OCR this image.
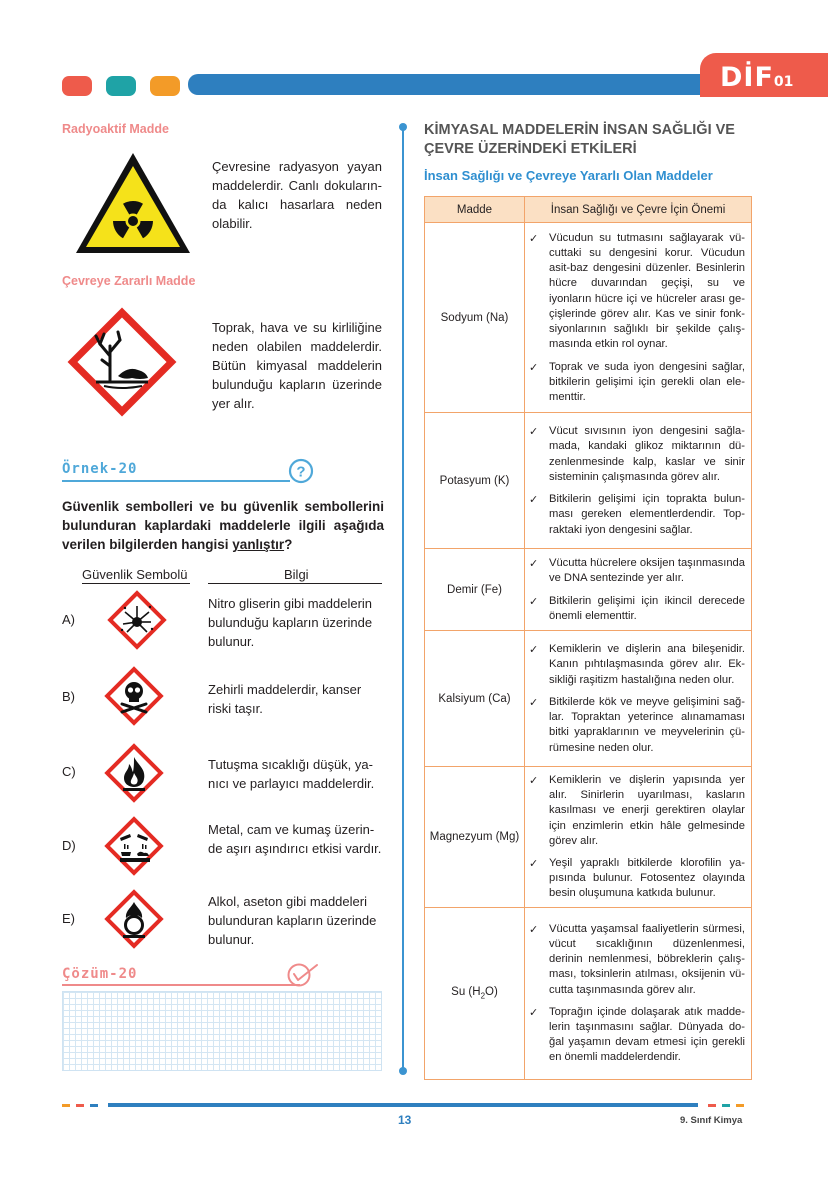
DİF01
Radyoaktif Madde
Çevresine radyasyon yayan maddelerdir. Canlı dokularında kalıcı hasarlara neden olabilir.
Çevreye Zararlı Madde
Toprak, hava ve su kirliliğine neden olabilen maddelerdir. Bütün kimyasal maddelerin bulunduğu kapların üzerinde yer alır.
Örnek-20	?
Güvenlik sembolleri ve bu güvenlik sembollerini bulunduran kaplardaki maddelerle ilgili aşağıda verilen bilgilerden hangisi yanlıştır?
Güvenlik Sembolü	Bilgi
A)
Nitro gliserin gibi maddelerin bulunduğu kapların üzerinde bulunur.
B)	Zehirli maddelerdir, kanser riski taşır.
C)	Tutuşma sıcaklığı düşük, yanıcı ve parlayıcı maddelerdir.
D)
Metal, cam ve kumaş üzerinde aşırı aşındırıcı etkisi vardır.
E)
Alkol, aseton gibi maddeleri bulunduran kapların üzerinde bulunur.
Çözüm-20
KİMYASAL MADDELERİN İNSAN SAĞLIĞI VE ÇEVRE ÜZERİNDEKİ ETKİLERİ
İnsan Sağlığı ve Çevreye Yararlı Olan Maddeler
Madde	İnsan Sağlığı ve Çevre İçin Önemi
Sodyum (Na)	✓ Vücudun su tutmasını sağlayarak vücuttaki su dengesini korur. Vücudun asit-baz dengesini düzenler. Besinlerin hücre duvarından geçişi, su ve iyonların hücre içi ve hücreler arası geçişlerinde görev alır. Kas ve sinir fonksiyonlarının sağlıklı bir şekilde çalışmasında etkin rol oynar.
✓ Toprak ve suda iyon dengesini sağlar, bitkilerin gelişimi için gerekli olan elementtir.

Potasyum (K)	✓ Vücut sıvısının iyon dengesini sağlamada, kandaki glikoz miktarının düzenlenmesinde kalp, kaslar ve sinir sisteminin çalışmasında görev alır.
✓ Bitkilerin gelişimi için toprakta bulunması gereken elementlerdendir. Topraktaki iyon dengesini sağlar.

Demir (Fe)	✓ Vücutta hücrelere oksijen taşınmasında ve DNA sentezinde yer alır.
✓ Bitkilerin gelişimi için ikincil derecede önemli elementtir.

Kalsiyum (Ca)	✓ Kemiklerin ve dişlerin ana bileşenidir. Kanın pıhtılaşmasında görev alır. Eksikliği raşitizm hastalığına neden olur.
✓ Bitkilerde kök ve meyve gelişimini sağlar. Topraktan yeterince alınamaması bitki yapraklarının ve meyvelerinin çürümesine neden olur.

Magnezyum (Mg)	✓ Kemiklerin ve dişlerin yapısında yer alır. Sinirlerin uyarılması, kasların kasılması ve enerji gerektiren olaylar için enzimlerin etkin hâle gelmesinde görev alır.
✓ Yeşil yapraklı bitkilerde klorofilin yapısında bulunur. Fotosentez olayında besin oluşumuna katkıda bulunur.

Su $(H_2O)$	✓ Vücutta yaşamsal faaliyetlerin sürmesi, vücut sıcaklığının düzenlenmesi, derinin nemlenmesi, böbreklerin çalışması, toksinlerin atılması, oksijenin vücutta taşınmasında görev alır.
✓ Toprağın içinde dolaşarak atık maddelerin taşınmasını sağlar. Dünyada doğal yaşamın devam etmesi için gerekli en önemli maddelerdendir.
13	9. Sınıf Kimya
